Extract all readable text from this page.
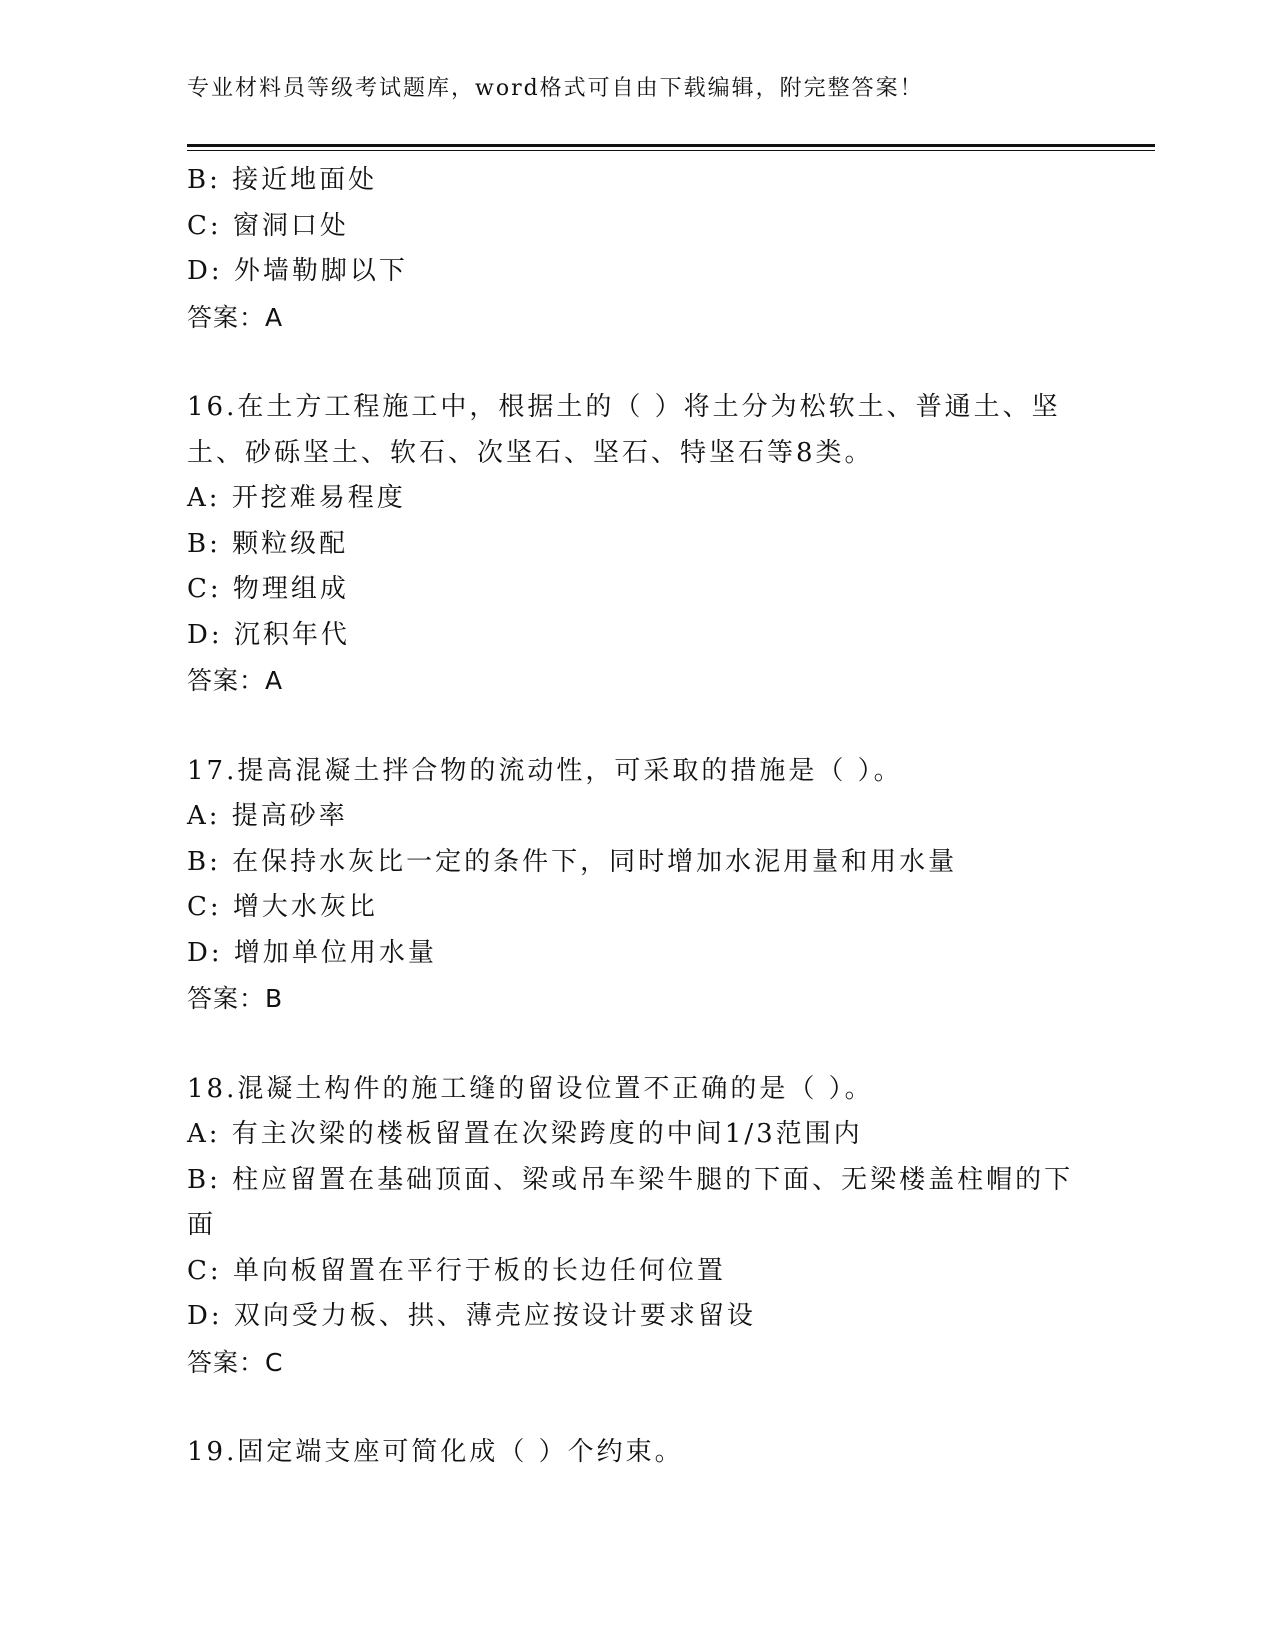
专业材料员等级考试题库，word格式可自由下载编辑，附完整答案！

B: 接近地面处

C: 窗洞口处

D: 外墙勒脚以下

答案：A

16.在土方工程施工中，根据土的（ ）将土分为松软土、普通土、坚

土、砂砾坚土、软石、次坚石、坚石、特坚石等8类。

A: 开挖难易程度

B: 颗粒级配

C: 物理组成

D: 沉积年代

答案：A

17.提高混凝土拌合物的流动性，可采取的措施是（ ）。

A: 提高砂率

B: 在保持水灰比一定的条件下，同时增加水泥用量和用水量

C: 增大水灰比

D: 增加单位用水量

答案：B

18.混凝土构件的施工缝的留设位置不正确的是（ ）。

A: 有主次梁的楼板留置在次梁跨度的中间1/3范围内

B: 柱应留置在基础顶面、梁或吊车梁牛腿的下面、无梁楼盖柱帽的下

面

C: 单向板留置在平行于板的长边任何位置

D: 双向受力板、拱、薄壳应按设计要求留设

答案：C

19.固定端支座可简化成（ ）个约束。
